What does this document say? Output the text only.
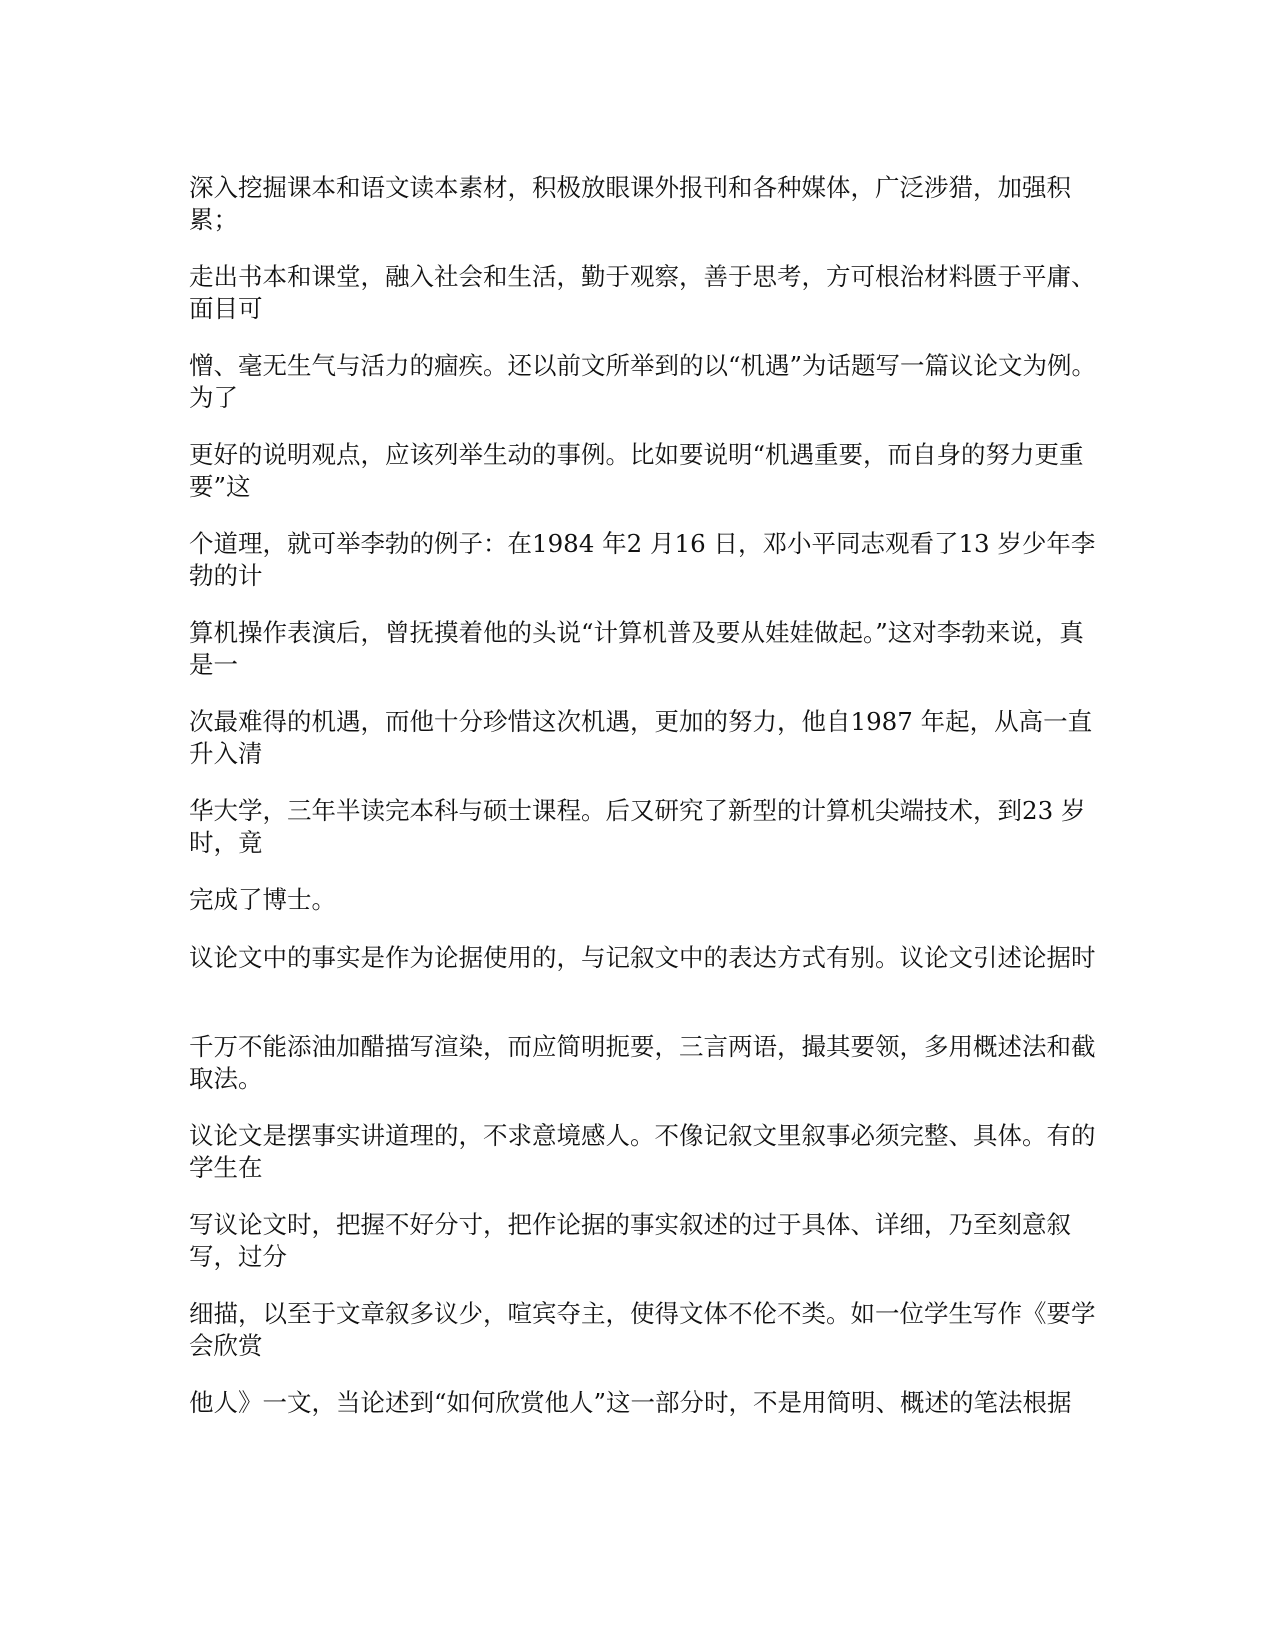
深入挖掘课本和语文读本素材，积极放眼课外报刊和各种媒体，广泛涉猎，加强积累；

走出书本和课堂，融入社会和生活，勤于观察，善于思考，方可根治材料匮于平庸、面目可

憎、毫无生气与活力的痼疾。还以前文所举到的以“机遇”为话题写一篇议论文为例。为了

更好的说明观点，应该列举生动的事例。比如要说明“机遇重要，而自身的努力更重要”这

个道理，就可举李勃的例子：在1984 年2 月16 日，邓小平同志观看了13 岁少年李勃的计

算机操作表演后，曾抚摸着他的头说“计算机普及要从娃娃做起。”这对李勃来说，真是一

次最难得的机遇，而他十分珍惜这次机遇，更加的努力，他自1987 年起，从高一直升入清

华大学，三年半读完本科与硕士课程。后又研究了新型的计算机尖端技术，到23 岁时，竟

完成了博士。

议论文中的事实是作为论据使用的，与记叙文中的表达方式有别。议论文引述论据时

千万不能添油加醋描写渲染，而应简明扼要，三言两语，撮其要领，多用概述法和截取法。

议论文是摆事实讲道理的，不求意境感人。不像记叙文里叙事必须完整、具体。有的学生在

写议论文时，把握不好分寸，把作论据的事实叙述的过于具体、详细，乃至刻意叙写，过分

细描，以至于文章叙多议少，喧宾夺主，使得文体不伦不类。如一位学生写作《要学会欣赏

他人》一文，当论述到“如何欣赏他人”这一部分时，不是用简明、概述的笔法根据
